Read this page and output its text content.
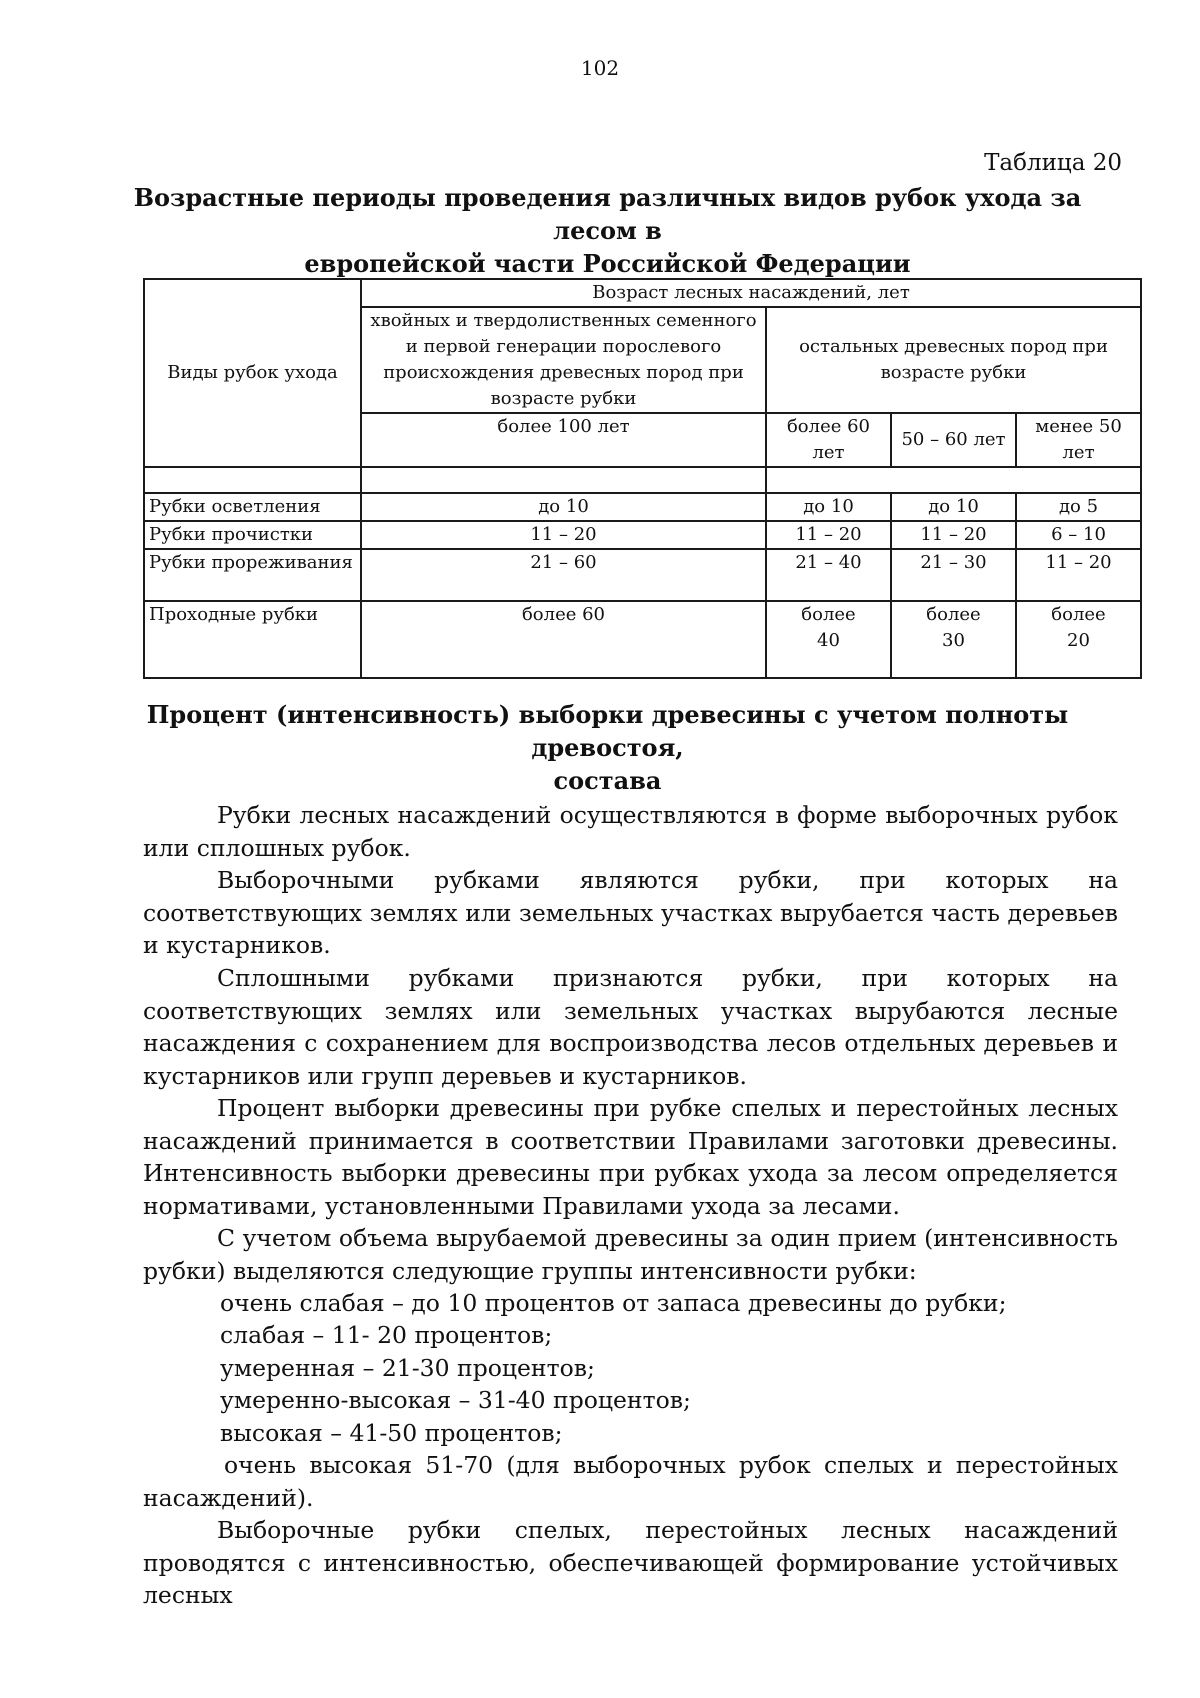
102
Таблица 20
Возрастные периоды проведения различных видов рубок ухода за лесом в
европейской части Российской Федерации
Виды рубок ухода	Возраст лесных насаждений, лет			
	хвойных и твердолиственных семенного и первой генерации порослевого происхождения древесных пород при возрасте рубки	остальных древесных пород при возрасте рубки		
	более 100 лет	более 60 лет	50 – 60 лет	менее 50 лет

Рубки осветления	до 10	до 10	до 10	до 5
Рубки прочистки	11 – 20	11 – 20	11 – 20	6 – 10
Рубки прореживания	21 – 60	21 – 40	21 – 30	11 – 20
Проходные рубки	более 60	более 40	более 30	более 20
Процент (интенсивность) выборки древесины с учетом полноты древостоя,
состава
Рубки лесных насаждений осуществляются в форме выборочных рубок или сплошных рубок.
Выборочными рубками являются рубки, при которых на соответствующих землях или земельных участках вырубается часть деревьев и кустарников.
Сплошными рубками признаются рубки, при которых на соответствующих землях или земельных участках вырубаются лесные насаждения с сохранением для воспроизводства лесов отдельных деревьев и кустарников или групп деревьев и кустарников.
Процент выборки древесины при рубке спелых и перестойных лесных насаждений принимается в соответствии Правилами заготовки древесины. Интенсивность выборки древесины при рубках ухода за лесом определяется нормативами, установленными Правилами ухода за лесами.
С учетом объема вырубаемой древесины за один прием (интенсивность рубки) выделяются следующие группы интенсивности рубки:
очень слабая – до 10 процентов от запаса древесины до рубки;
слабая – 11- 20 процентов;
умеренная – 21-30 процентов;
умеренно-высокая – 31-40 процентов;
высокая – 41-50 процентов;
очень высокая 51-70 (для выборочных рубок спелых и перестойных насаждений).
Выборочные рубки спелых, перестойных лесных насаждений проводятся с интенсивностью, обеспечивающей формирование устойчивых лесных
